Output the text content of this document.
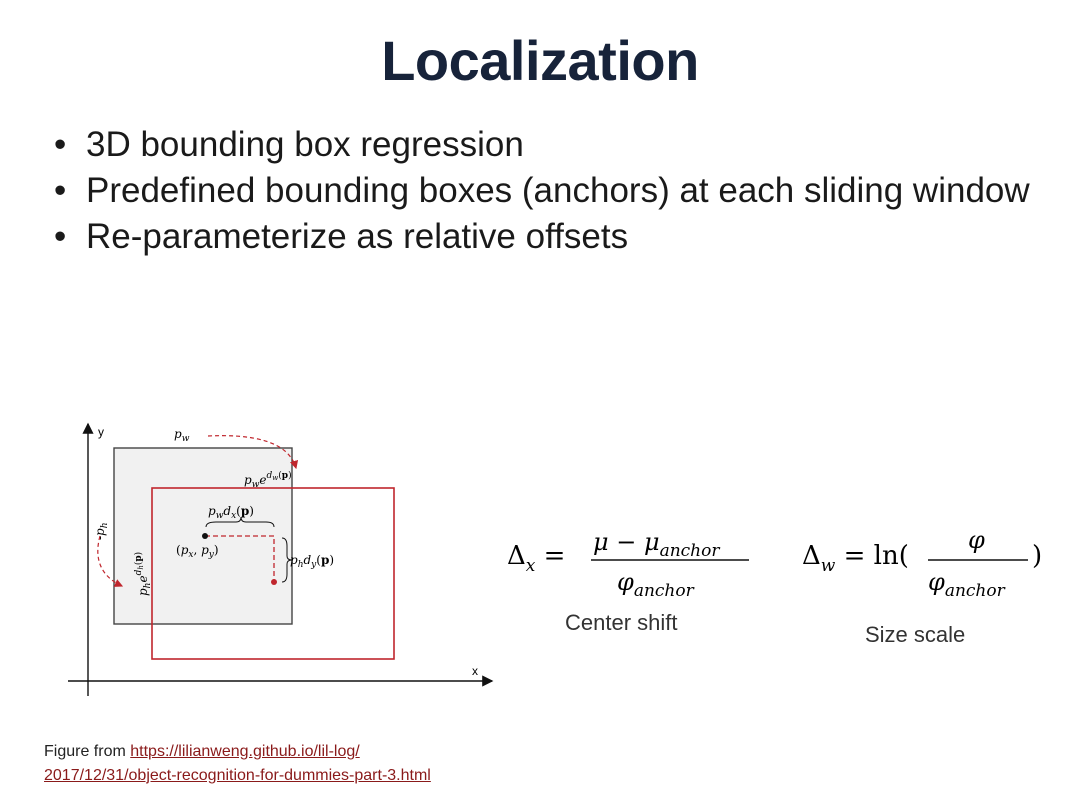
Localization
• 3D bounding box regression
• Predefined bounding boxes (anchors) at each sliding window
• Re-parameterize as relative offsets
y
x
$p_w$
$p_we^dw(p)$
$p_wd_x(p)$
($p_x$, $p_y$)
$p_hd_y(p)$
$-p_h$
$p_he^dh(p)$	$\Delta_x = \mu - \mu_{anchor}$
$\varphi_{anchor}$
Center shift
$\Delta_w = \ln$(
φ
$\varphi_{anchor}$
)
Size scale
Figure from https://lilianweng.github.io/lil-log/
2017/12/31/object-recognition-for-dummies-part-3.html
